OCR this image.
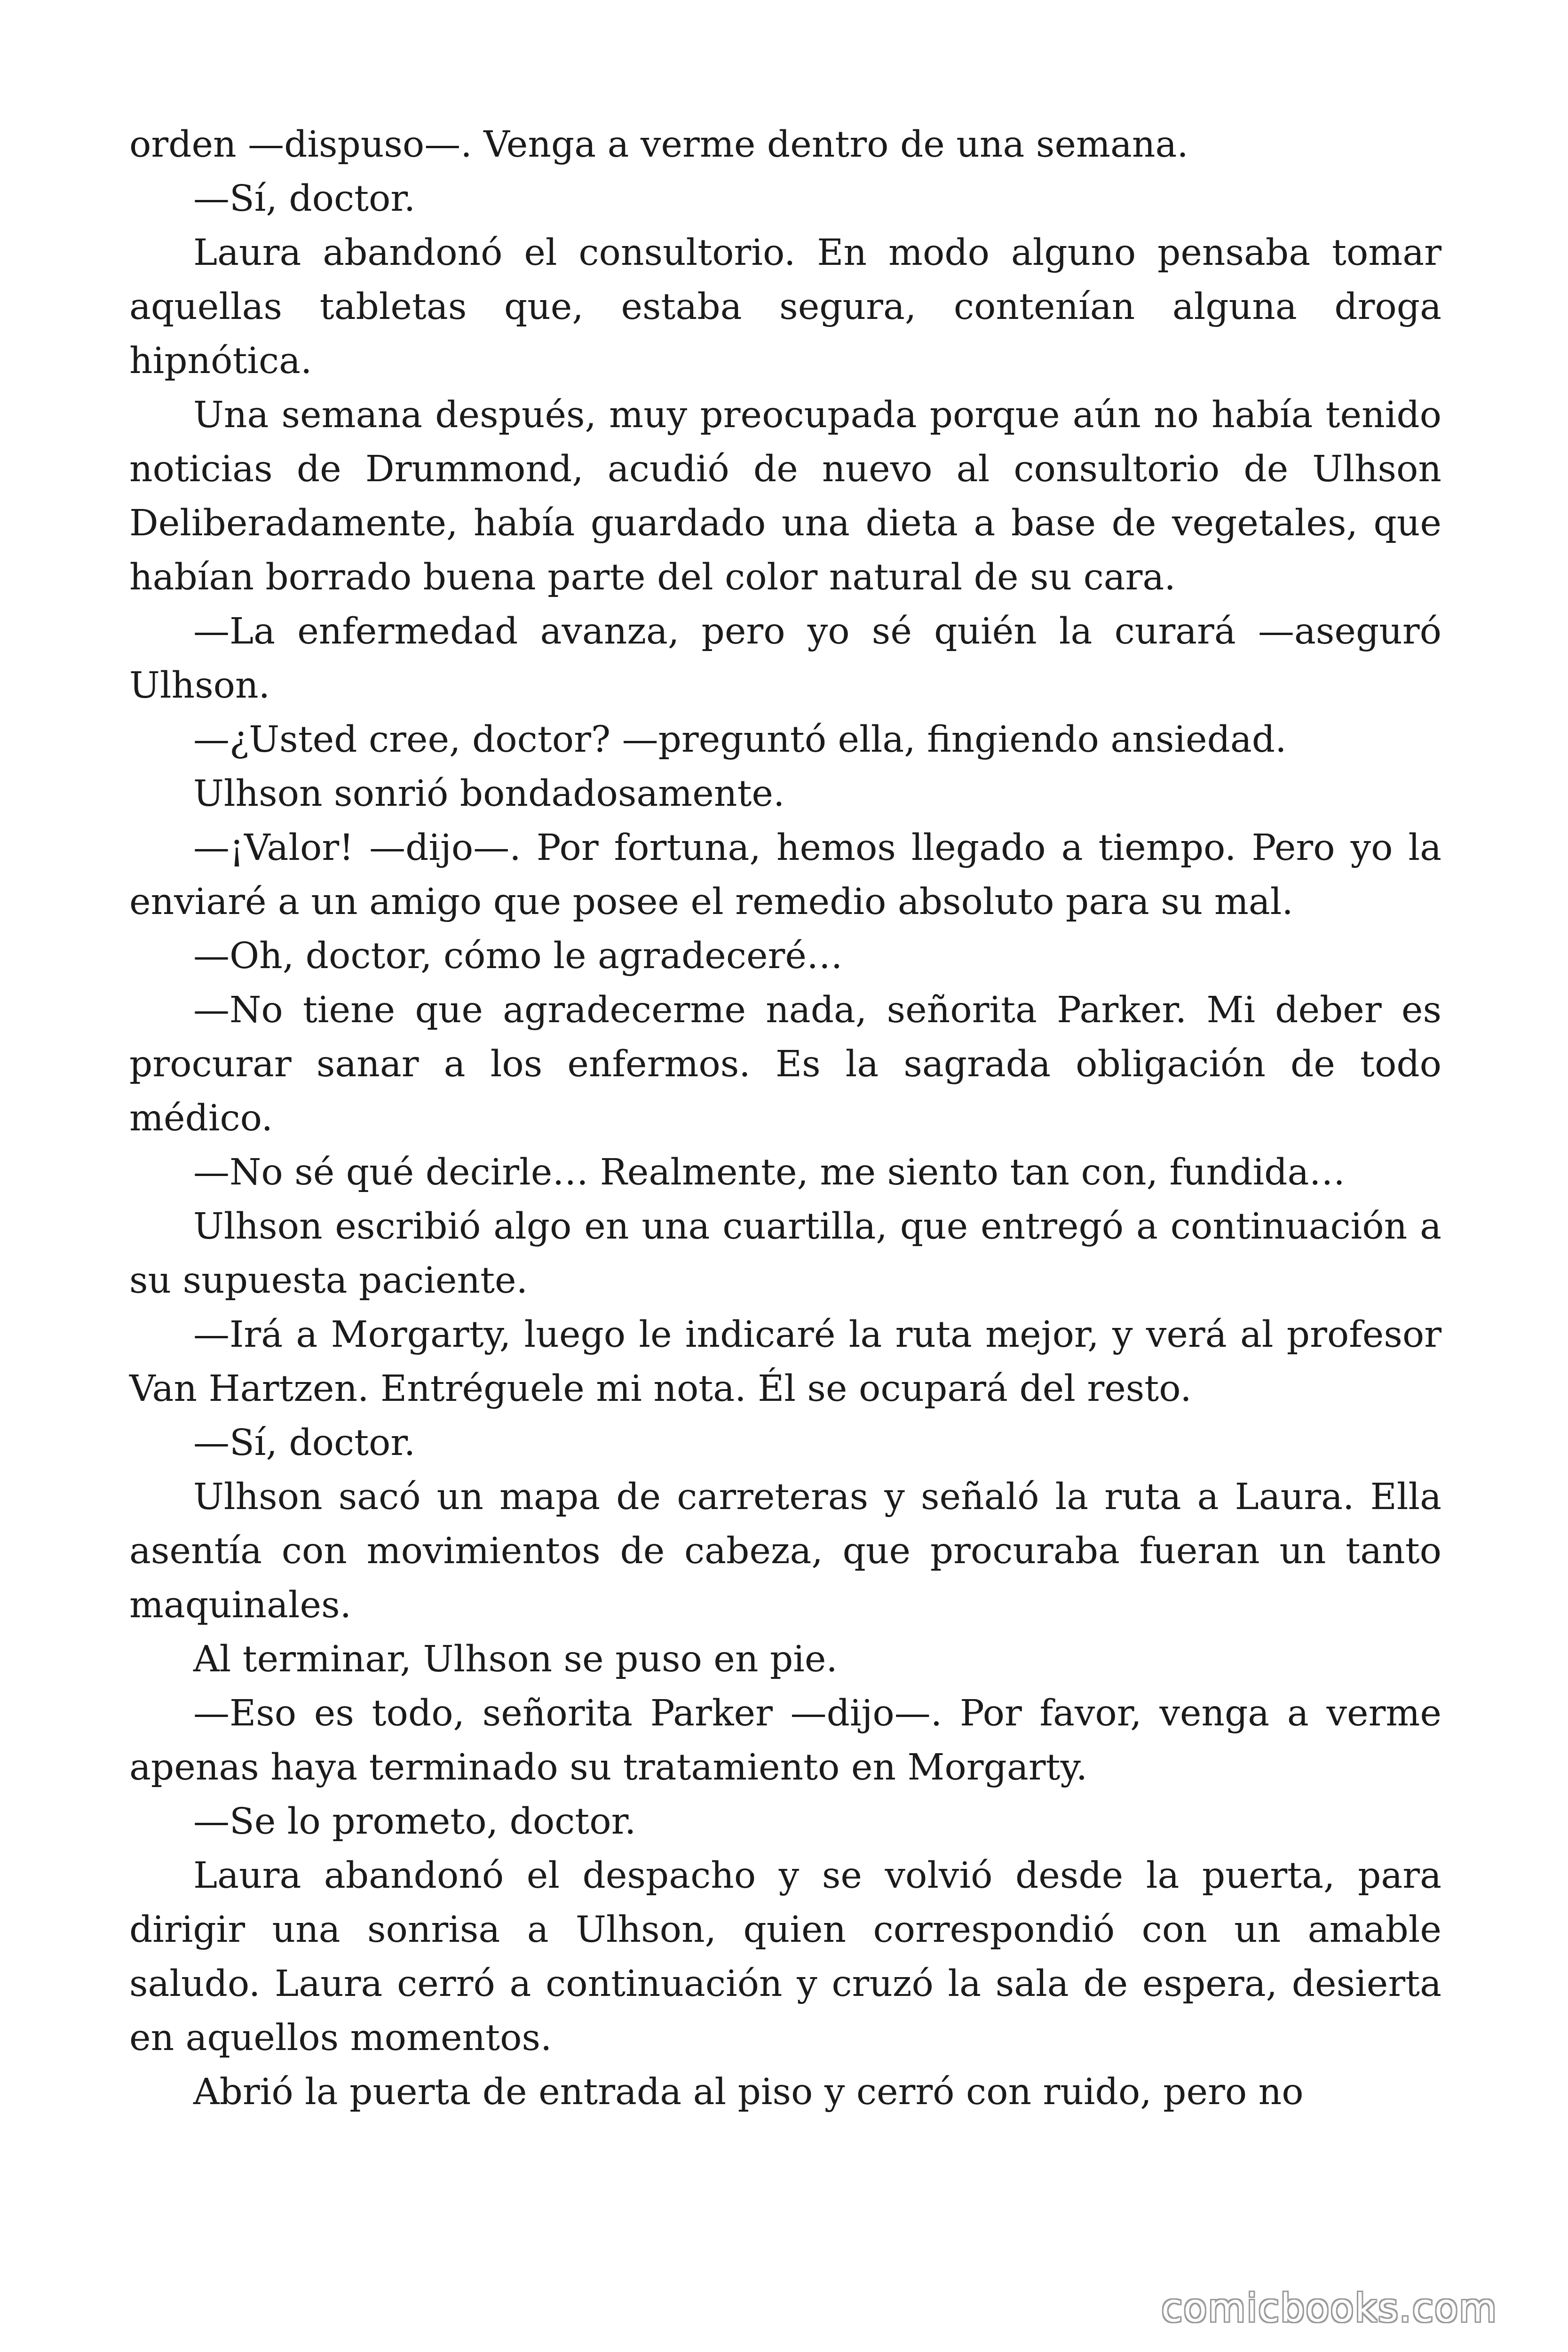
orden —dispuso—. Venga a verme dentro de una semana.

—Sí, doctor.

Laura abandonó el consultorio. En modo alguno pensaba tomar aquellas tabletas que, estaba segura, contenían alguna droga hipnótica.

Una semana después, muy preocupada porque aún no había tenido noticias de Drummond, acudió de nuevo al consultorio de Ulhson Deliberadamente, había guardado una dieta a base de vegetales, que habían borrado buena parte del color natural de su cara.

—La enfermedad avanza, pero yo sé quién la curará —aseguró Ulhson.

—¿Usted cree, doctor? —preguntó ella, fingiendo ansiedad.

Ulhson sonrió bondadosamente.

—¡Valor! —dijo—. Por fortuna, hemos llegado a tiempo. Pero yo la enviaré a un amigo que posee el remedio absoluto para su mal.

—Oh, doctor, cómo le agradeceré…

—No tiene que agradecerme nada, señorita Parker. Mi deber es procurar sanar a los enfermos. Es la sagrada obligación de todo médico.

—No sé qué decirle… Realmente, me siento tan con, fundida…

Ulhson escribió algo en una cuartilla, que entregó a continuación a su supuesta paciente.

—Irá a Morgarty, luego le indicaré la ruta mejor, y verá al profesor Van Hartzen. Entréguele mi nota. Él se ocupará del resto.

—Sí, doctor.

Ulhson sacó un mapa de carreteras y señaló la ruta a Laura. Ella asentía con movimientos de cabeza, que procuraba fueran un tanto maquinales.

Al terminar, Ulhson se puso en pie.

—Eso es todo, señorita Parker —dijo—. Por favor, venga a verme apenas haya terminado su tratamiento en Morgarty.

—Se lo prometo, doctor.

Laura abandonó el despacho y se volvió desde la puerta, para dirigir una sonrisa a Ulhson, quien correspondió con un amable saludo. Laura cerró a continuación y cruzó la sala de espera, desierta en aquellos momentos.

Abrió la puerta de entrada al piso y cerró con ruido, pero no

comicbooks.com
